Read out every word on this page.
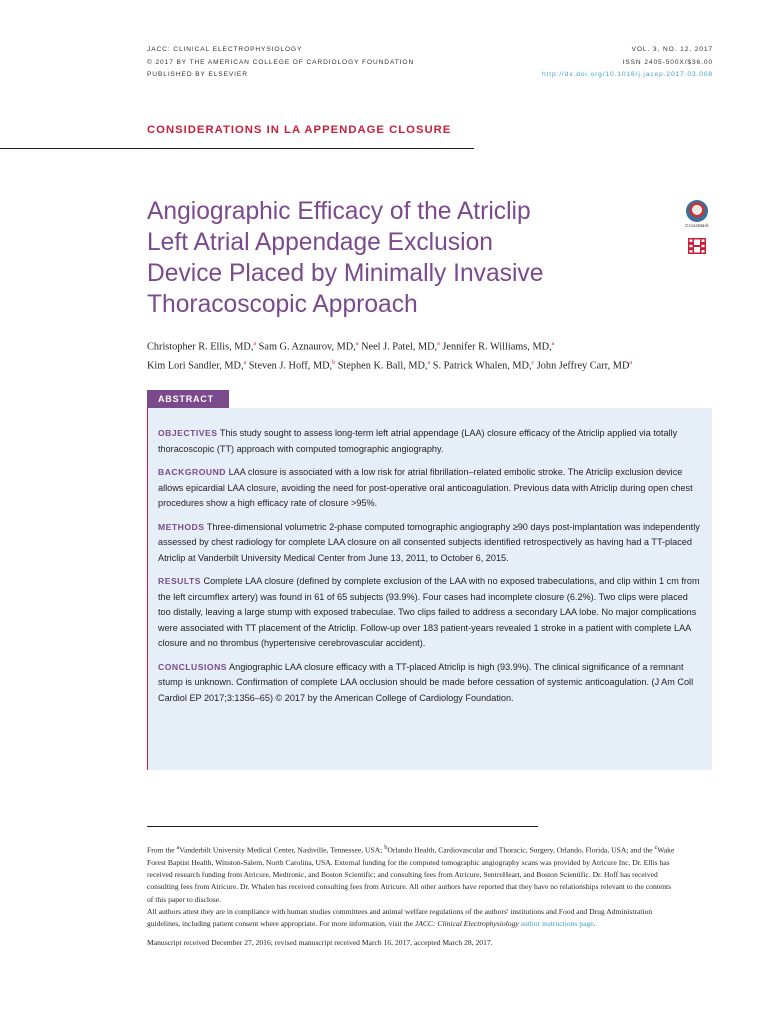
JACC: CLINICAL ELECTROPHYSIOLOGY
© 2017 BY THE AMERICAN COLLEGE OF CARDIOLOGY FOUNDATION
PUBLISHED BY ELSEVIER
VOL. 3, NO. 12, 2017
ISSN 2405-500X/$36.00
http://dx.doi.org/10.1016/j.jacep.2017.03.008
CONSIDERATIONS IN LA APPENDAGE CLOSURE
Angiographic Efficacy of the Atriclip
Left Atrial Appendage Exclusion
Device Placed by Minimally Invasive
Thoracoscopic Approach
CrossMark
Christopher R. Ellis, MD,$^a$ Sam G. Aznaurov, MD,$^a$ Neel J. Patel, MD,$^a$ Jennifer R. Williams, MD,$^a$
Kim Lori Sandler, MD,$^a$ Steven J. Hoff, MD,$^b$ Stephen K. Ball, MD,$^a$ S. Patrick Whalen, MD,$^c$ John Jeffrey Carr, $MD^a$
ABSTRACT

OBJECTIVES This study sought to assess long-term left atrial appendage (LAA) closure efficacy of the Atriclip applied via totally thoracoscopic (TT) approach with computed tomographic angiography.

BACKGROUND LAA closure is associated with a low risk for atrial fibrillation–related embolic stroke. The Atriclip exclusion device allows epicardial LAA closure, avoiding the need for post-operative oral anticoagulation. Previous data with Atriclip during open chest procedures show a high efficacy rate of closure >95%.

METHODS Three-dimensional volumetric 2-phase computed tomographic angiography ≥90 days post-implantation was independently assessed by chest radiology for complete LAA closure on all consented subjects identified retrospectively as having had a TT-placed Atriclip at Vanderbilt University Medical Center from June 13, 2011, to October 6, 2015.

RESULTS Complete LAA closure (defined by complete exclusion of the LAA with no exposed trabeculations, and clip within 1 cm from the left circumflex artery) was found in 61 of 65 subjects (93.9%). Four cases had incomplete closure (6.2%). Two clips were placed too distally, leaving a large stump with exposed trabeculae. Two clips failed to address a secondary LAA lobe. No major complications were associated with TT placement of the Atriclip. Follow-up over 183 patient-years revealed 1 stroke in a patient with complete LAA closure and no thrombus (hypertensive cerebrovascular accident).

CONCLUSIONS Angiographic LAA closure efficacy with a TT-placed Atriclip is high (93.9%). The clinical significance of a remnant stump is unknown. Confirmation of complete LAA occlusion should be made before cessation of systemic anticoagulation. (J Am Coll Cardiol EP 2017;3:1356–65) © 2017 by the American College of Cardiology Foundation.

From the $^a$Vanderbilt University Medical Center, Nashville, Tennessee, USA; $^b$Orlando Health, Cardiovascular and Thoracic, Surgery, Orlando, Florida, USA; and the $^c$Wake Forest Baptist Health, Winston-Salem, North Carolina, USA. External funding for the computed tomographic angiography scans was provided by Atricure Inc. Dr. Ellis has received research funding from Atricure, Medtronic, and Boston Scientific; and consulting fees from Atricure, SentreHeart, and Boston Scientific. Dr. Hoff has received consulting fees from Atricure. Dr. Whalen has received consulting fees from Atricure. All other authors have reported that they have no relationships relevant to the contents of this paper to disclose.

All authors attest they are in compliance with human studies committees and animal welfare regulations of the authors' institutions and Food and Drug Administration guidelines, including patient consent where appropriate. For more information, visit the JACC: Clinical Electrophysiology author instructions page.

Manuscript received December 27, 2016; revised manuscript received March 16, 2017, accepted March 28, 2017.
